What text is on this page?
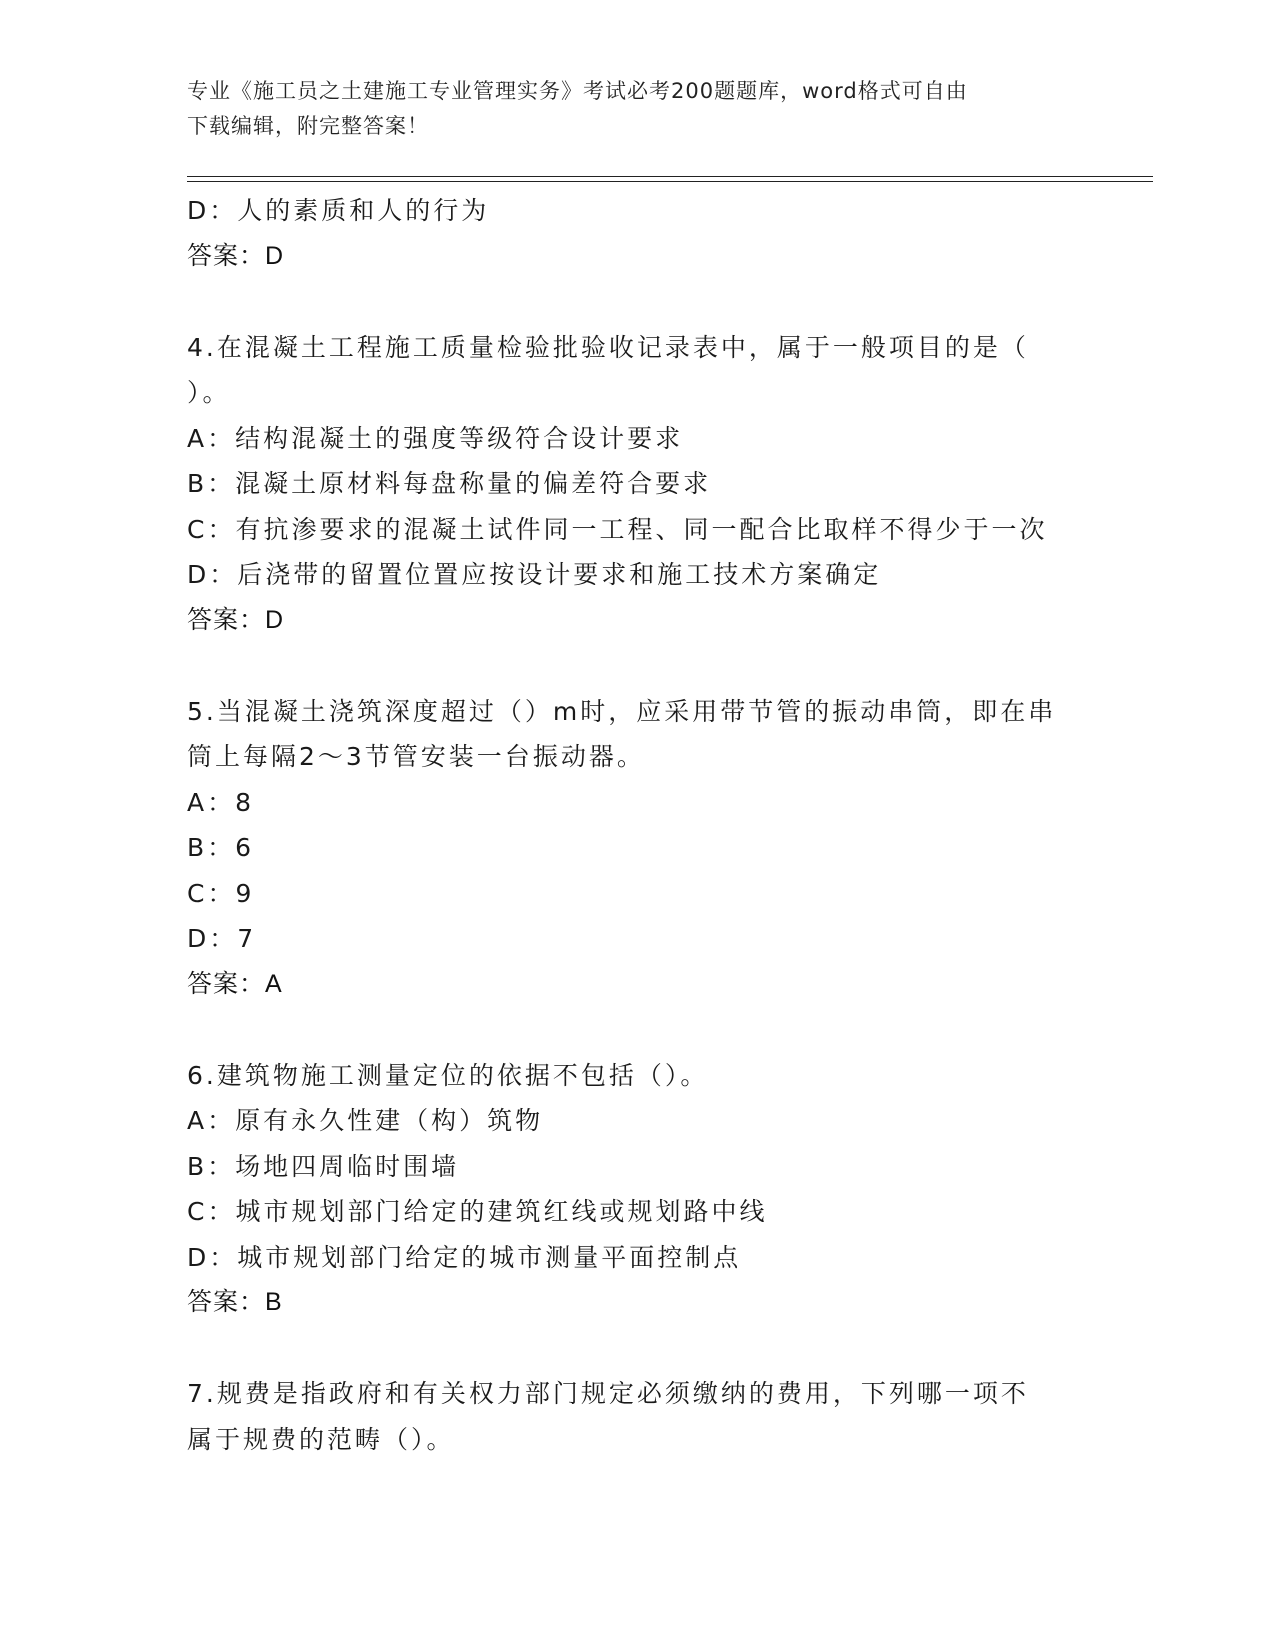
专业《施工员之土建施工专业管理实务》考试必考200题题库，word格式可自由
下载编辑，附完整答案！
D：人的素质和人的行为
答案：D
4.在混凝土工程施工质量检验批验收记录表中，属于一般项目的是（
）。
A：结构混凝土的强度等级符合设计要求
B：混凝土原材料每盘称量的偏差符合要求
C：有抗渗要求的混凝土试件同一工程、同一配合比取样不得少于一次
D：后浇带的留置位置应按设计要求和施工技术方案确定
答案：D
5.当混凝土浇筑深度超过（）m时，应采用带节管的振动串筒，即在串
筒上每隔2～3节管安装一台振动器。
A：8
B：6
C：9
D：7
答案：A
6.建筑物施工测量定位的依据不包括（）。
A：原有永久性建（构）筑物
B：场地四周临时围墙
C：城市规划部门给定的建筑红线或规划路中线
D：城市规划部门给定的城市测量平面控制点
答案：B
7.规费是指政府和有关权力部门规定必须缴纳的费用，下列哪一项不
属于规费的范畴（）。
